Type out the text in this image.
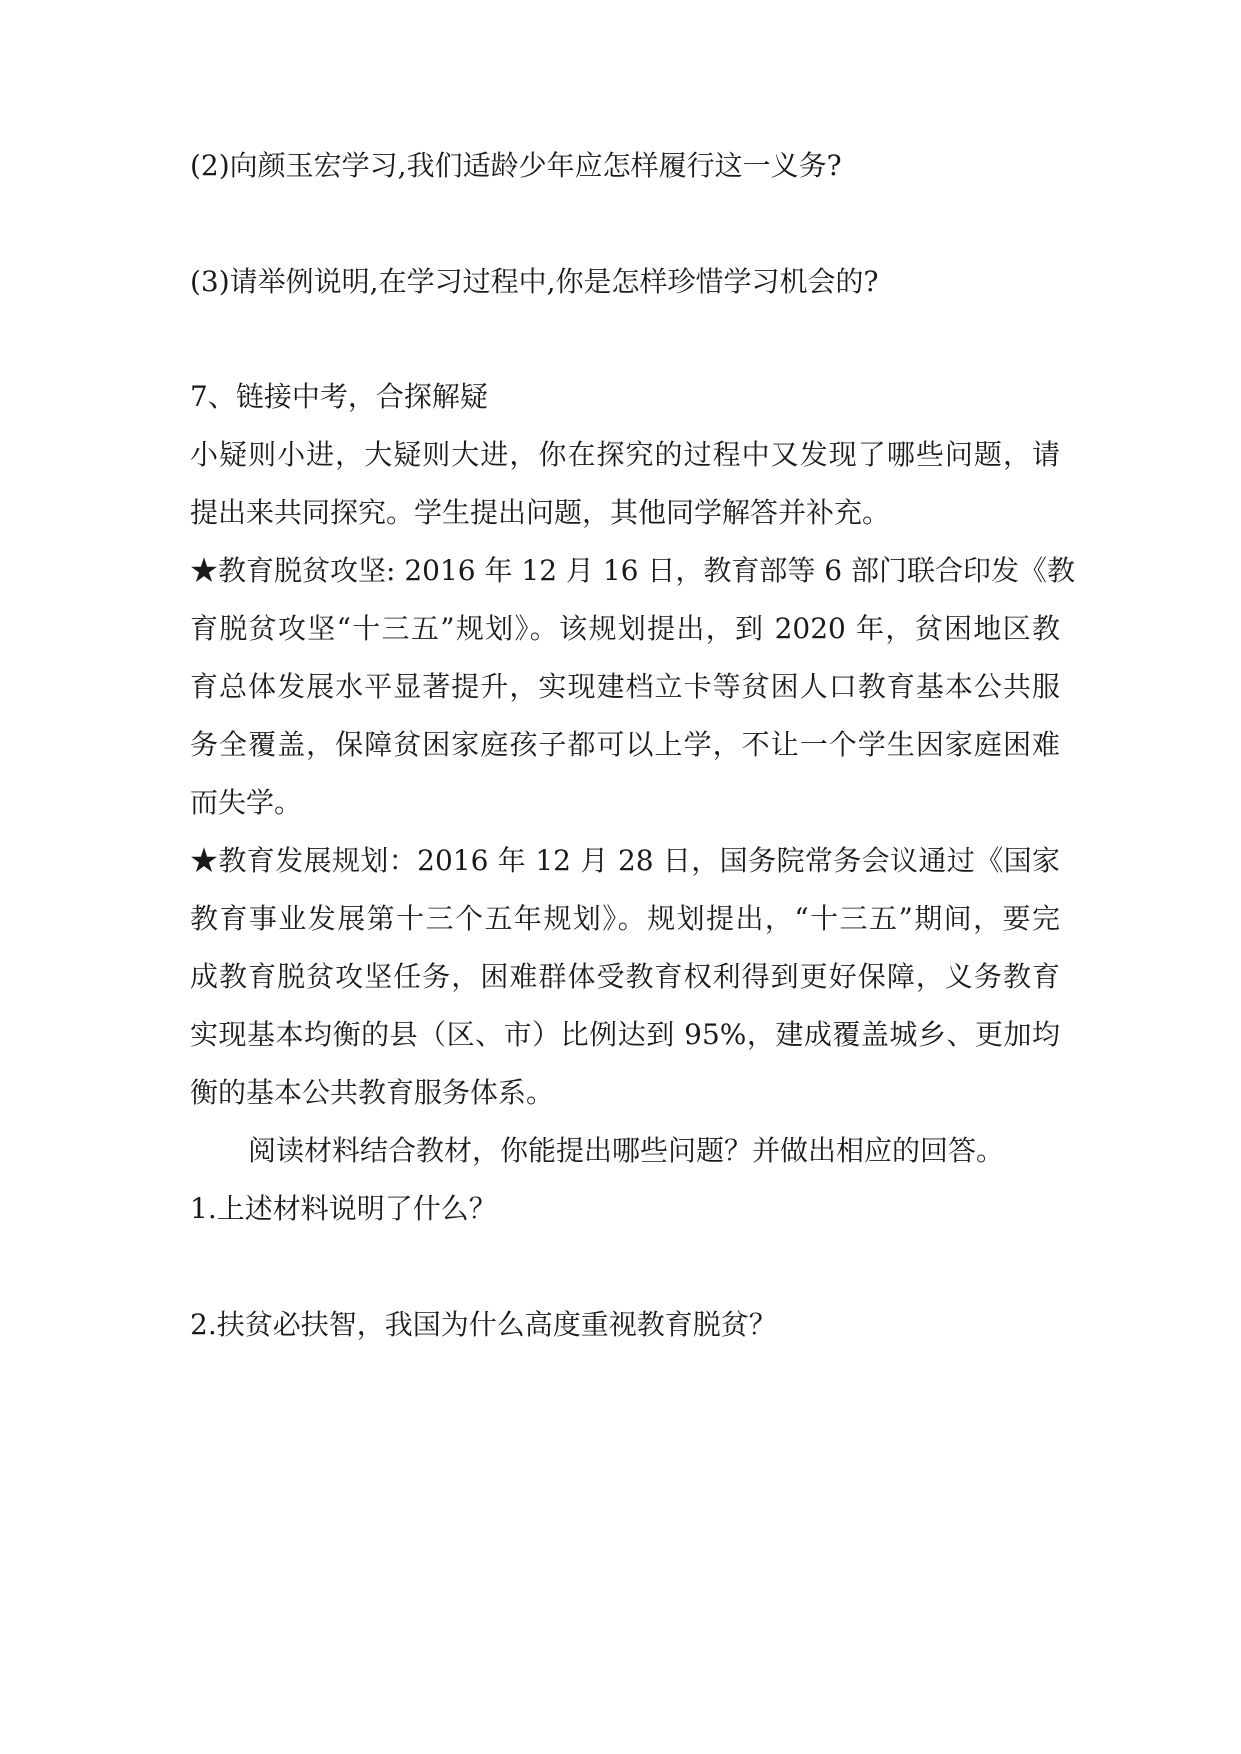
(2)向颜玉宏学习,我们适龄少年应怎样履行这一义务?
(3)请举例说明,在学习过程中,你是怎样珍惜学习机会的?
7、链接中考，合探解疑
小疑则小进，大疑则大进，你在探究的过程中又发现了哪些问题，请
提出来共同探究。学生提出问题，其他同学解答并补充。
★教育脱贫攻坚: 2016 年 12 月 16 日，教育部等 6 部门联合印发《教
育脱贫攻坚“十三五”规划》。该规划提出，到 2020 年，贫困地区教
育总体发展水平显著提升，实现建档立卡等贫困人口教育基本公共服
务全覆盖，保障贫困家庭孩子都可以上学，不让一个学生因家庭困难
而失学。
★教育发展规划：2016 年 12 月 28 日，国务院常务会议通过《国家
教育事业发展第十三个五年规划》。规划提出，“十三五”期间，要完
成教育脱贫攻坚任务，困难群体受教育权利得到更好保障，义务教育
实现基本均衡的县（区、市）比例达到 95%，建成覆盖城乡、更加均
衡的基本公共教育服务体系。
阅读材料结合教材，你能提出哪些问题？并做出相应的回答。
1.上述材料说明了什么？
2.扶贫必扶智，我国为什么高度重视教育脱贫？
